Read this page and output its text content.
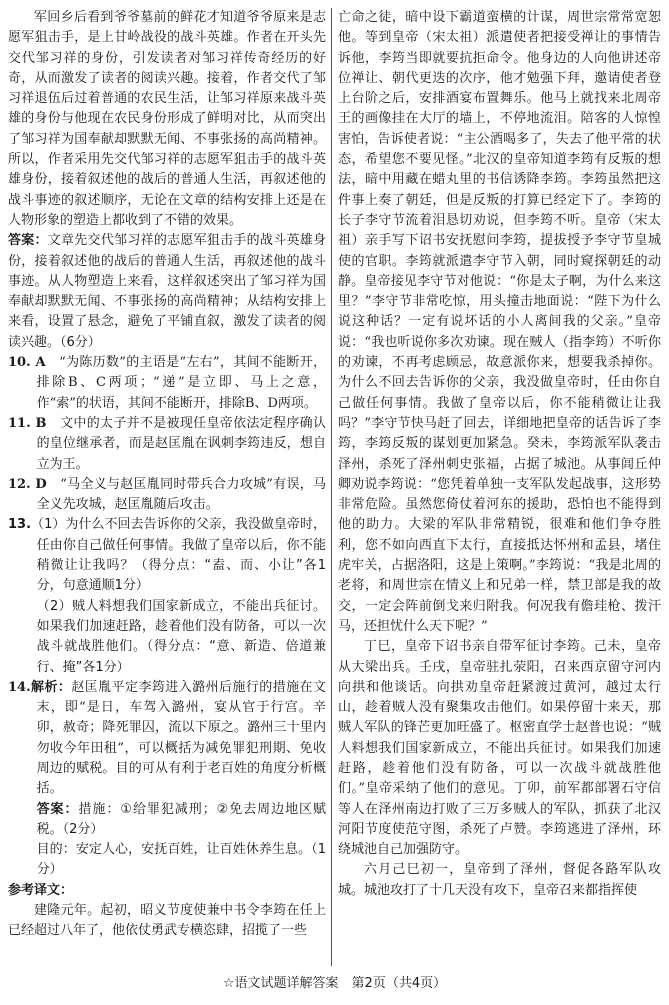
军回乡后看到爷爷墓前的鲜花才知道爷爷原来是志愿军狙击手，是上甘岭战役的战斗英雄。作者在开头先交代邹习祥的身份，引发读者对邹习祥传奇经历的好奇，从而激发了读者的阅读兴趣。接着，作者交代了邹习祥退伍后过着普通的农民生活，让邹习祥原来战斗英雄的身份与他现在农民身份形成了鲜明对比，从而突出了邹习祥为国奉献却默默无闻、不事张扬的高尚精神。所以，作者采用先交代邹习祥的志愿军狙击手的战斗英雄身份，接着叙述他的战后的普通人生活，再叙述他的战斗事迹的叙述顺序，无论在文章的结构安排上还是在人物形象的塑造上都收到了不错的效果。

答案：文章先交代邹习祥的志愿军狙击手的战斗英雄身份，接着叙述他的战后的普通人生活，再叙述他的战斗事迹。从人物塑造上来看，这样叙述突出了邹习祥为国奉献却默默无闻、不事张扬的高尚精神；从结构安排上来看，设置了悬念，避免了平铺直叙，激发了读者的阅读兴趣。（6分）

10. A　 “为陈历数”的主语是“左右”，其间不能断开，排除B、C两项；“递”是立即、马上之意，作“索”的状语，其间不能断开，排除B、D两项。

11. B　 文中的太子并不是被现任皇帝依法定程序确认的皇位继承者，而是赵匡胤在讽刺李筠违反，想自立为王。

12. D　 “马全义与赵匡胤同时带兵合力攻城”有误，马全义先攻城，赵匡胤随后攻击。

13.（1）为什么不回去告诉你的父亲，我没做皇帝时，任由你自己做任何事情。我做了皇帝以后，你不能稍微让让我吗？（得分点：“盍、而、小让”各1分，句意通顺1分）

（2）贼人料想我们国家新成立，不能出兵征讨。如果我们加速赶路，趁着他们没有防备，可以一次战斗就战胜他们。（得分点：“意、新造、倍道兼行、掩”各1分）

14.解析：赵匡胤平定李筠进入潞州后施行的措施在文末，即“是日，车驾入潞州，宴从官于行宫。辛卯，赦奇；降死罪囚，流以下原之。潞州三十里内勿收今年田租”，可以概括为减免罪犯刑期、免收周边的赋税。目的可从有利于老百姓的角度分析概括。

答案：措施：①给罪犯减刑；②免去周边地区赋税。（2分）

目的：安定人心，安抚百姓，让百姓休养生息。（1分）

参考译文：

建隆元年。起初，昭义节度使兼中书令李筠在任上已经超过八年了，他依仗勇武专横恣肆，招揽了一些

亡命之徒，暗中设下霸道蛮横的计谋，周世宗常常宽恕他。等到皇帝（宋太祖）派遣使者把接受禅让的事情告诉他，李筠当即就要抗拒命令。他身边的人向他讲述帝位禅让、朝代更迭的次序，他才勉强下拜，邀请使者登上台阶之后，安排酒宴布置舞乐。他马上就找来北周帝王的画像挂在大厅的墙上，不停地流泪。陪客的人惊惶害怕，告诉使者说：“主公酒喝多了，失去了他平常的状态，希望您不要见怪。”北汉的皇帝知道李筠有反叛的想法，暗中用藏在蜡丸里的书信诱降李筠。李筠虽然把这件事上奏了朝廷，但是反叛的打算已经定下了。李筠的长子李守节流着泪恳切劝说，但李筠不听。皇帝（宋太祖）亲手写下诏书安抚慰问李筠，提拔授予李守节皇城使的官职。李筠就派遣李守节入朝，同时窥探朝廷的动静。皇帝接见李守节对他说：“你是太子啊，为什么来这里？”李守节非常吃惊，用头撞击地面说：“陛下为什么说这种话？一定有说坏话的小人离间我的父亲。”皇帝说：“我也听说你多次劝谏。现在贼人（指李筠）不听你的劝谏，不再考虑顾忌，故意派你来，想要我杀掉你。为什么不回去告诉你的父亲，我没做皇帝时，任由你自己做任何事情。我做了皇帝以后，你不能稍微让让我吗？”李守节快马赶了回去，详细地把皇帝的话告诉了李筠，李筠反叛的谋划更加紧急。癸未，李筠派军队袭击泽州，杀死了泽州刺史张福，占据了城池。从事闾丘仲卿劝说李筠说：“您凭着单独一支军队发起战事，这形势非常危险。虽然您倚仗着河东的援助，恐怕也不能得到他的助力。大梁的军队非常精锐，很难和他们争夺胜利，您不如向西直下太行，直接抵达怀州和孟县，堵住虎牢关，占据洛阳，这是上策啊。”李筠说：“我是北周的老将，和周世宗在情义上和兄弟一样，禁卫部是我的故交，一定会阵前倒戈来归附我。何况我有儋珪枪、拨汗马，还担忧什么天下呢？”

丁巳，皇帝下诏书亲自带军征讨李筠。己未，皇帝从大梁出兵。壬戌，皇帝驻扎荥阳，召来西京留守河内向拱和他谈话。向拱劝皇帝赶紧渡过黄河，越过太行山，趁着贼人没有聚集攻击他们。如果停留十来天，那贼人军队的锋芒更加旺盛了。枢密直学士赵普也说：“贼人料想我们国家新成立，不能出兵征讨。如果我们加速赶路，趁着他们没有防备，可以一次战斗就战胜他们。”皇帝采纳了他们的意见。丁卯，前军都部署石守信等人在泽州南边打败了三万多贼人的军队，抓获了北汉河阳节度使范守图，杀死了卢赞。李筠逃进了泽州，环绕城池自己加强防守。

六月己巳初一，皇帝到了泽州，督促各路军队攻城。城池攻打了十几天没有攻下，皇帝召来都指挥使

☆语文试题详解答案　第2页（共4页）
